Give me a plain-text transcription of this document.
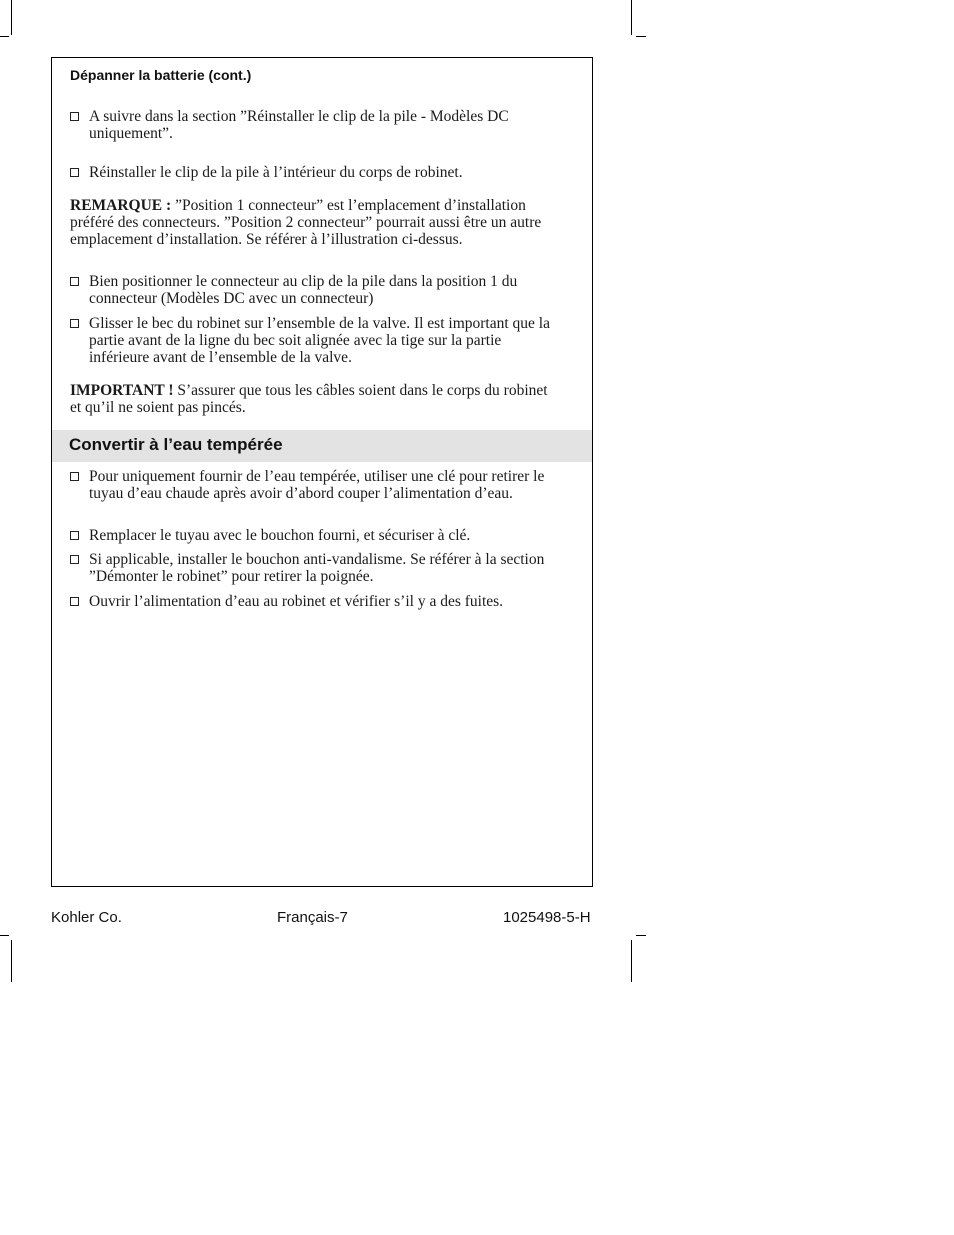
Dépanner la batterie (cont.)
A suivre dans la section ”Réinstaller le clip de la pile - Modèles DC uniquement”.
Réinstaller le clip de la pile à l’intérieur du corps de robinet.
REMARQUE : ”Position 1 connecteur” est l’emplacement d’installation préféré des connecteurs. ”Position 2 connecteur” pourrait aussi être un autre emplacement d’installation. Se référer à l’illustration ci-dessus.
Bien positionner le connecteur au clip de la pile dans la position 1 du connecteur (Modèles DC avec un connecteur)
Glisser le bec du robinet sur l’ensemble de la valve. Il est important que la partie avant de la ligne du bec soit alignée avec la tige sur la partie inférieure avant de l’ensemble de la valve.
IMPORTANT ! S’assurer que tous les câbles soient dans le corps du robinet et qu’il ne soient pas pincés.
Convertir à l’eau tempérée
Pour uniquement fournir de l’eau tempérée, utiliser une clé pour retirer le tuyau d’eau chaude après avoir d’abord couper l’alimentation d’eau.
Remplacer le tuyau avec le bouchon fourni, et sécuriser à clé.
Si applicable, installer le bouchon anti-vandalisme. Se référer à la section ”Démonter le robinet” pour retirer la poignée.
Ouvrir l’alimentation d’eau au robinet et vérifier s’il y a des fuites.
Kohler Co.	Français-7	1025498-5-H
